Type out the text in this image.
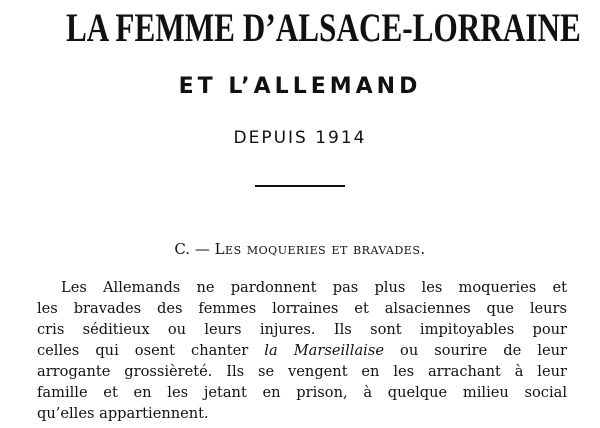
LA FEMME D’ALSACE-LORRAINE
ET L’ALLEMAND
DEPUIS 1914
C. — Les moqueries et bravades.
Les Allemands ne pardonnent pas plus les moqueries et
les bravades des femmes lorraines et alsaciennes que leurs
cris séditieux ou leurs injures. Ils sont impitoyables pour
celles qui osent chanter la Marseillaise ou sourire de leur
arrogante grossièreté. Ils se vengent en les arrachant à leur
famille et en les jetant en prison, à quelque milieu social
qu’elles appartiennent.
